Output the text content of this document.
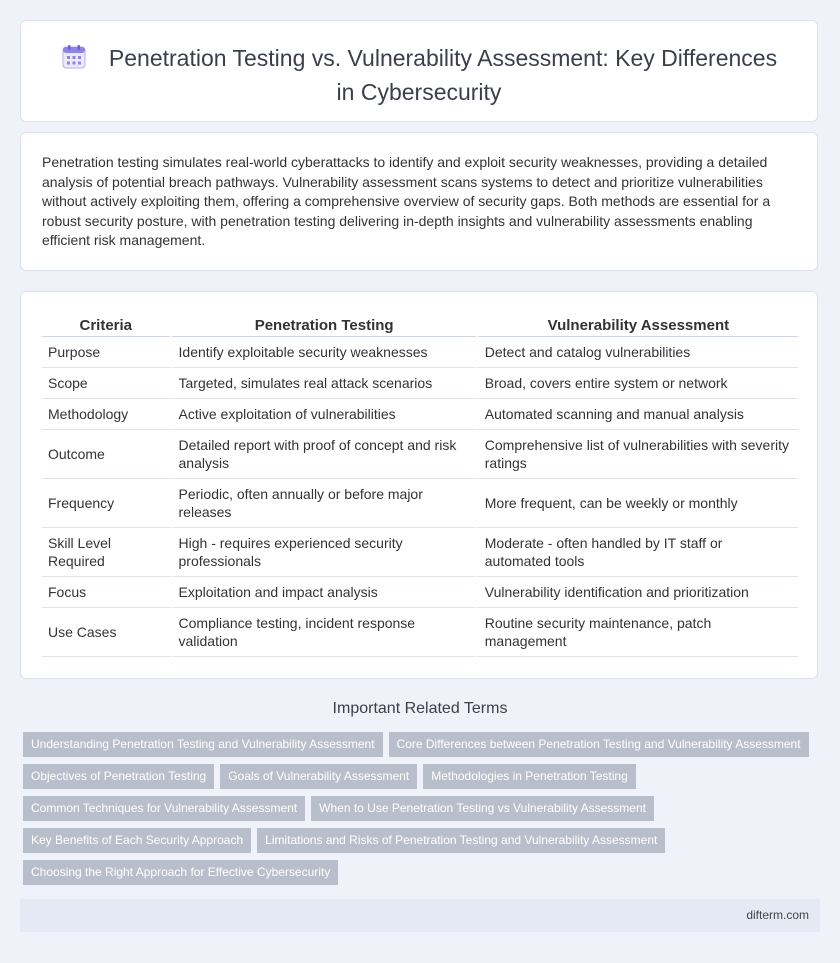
Penetration Testing vs. Vulnerability Assessment: Key Differences
in Cybersecurity
Penetration testing simulates real-world cyberattacks to identify and exploit security weaknesses, providing a detailed analysis of potential breach pathways. Vulnerability assessment scans systems to detect and prioritize vulnerabilities without actively exploiting them, offering a comprehensive overview of security gaps. Both methods are essential for a robust security posture, with penetration testing delivering in-depth insights and vulnerability assessments enabling efficient risk management.
Criteria	Penetration Testing	Vulnerability Assessment
Purpose	Identify exploitable security weaknesses	Detect and catalog vulnerabilities
Scope	Targeted, simulates real attack scenarios	Broad, covers entire system or network
Methodology	Active exploitation of vulnerabilities	Automated scanning and manual analysis
Outcome	Detailed report with proof of concept and risk analysis	Comprehensive list of vulnerabilities with severity ratings
Frequency	Periodic, often annually or before major releases	More frequent, can be weekly or monthly
Skill Level Required	High - requires experienced security professionals	Moderate - often handled by IT staff or automated tools
Focus	Exploitation and impact analysis	Vulnerability identification and prioritization
Use Cases	Compliance testing, incident response validation	Routine security maintenance, patch management
Important Related Terms
Understanding Penetration Testing and Vulnerability Assessment Core Differences between Penetration Testing and Vulnerability Assessment
Objectives of Penetration Testing Goals of Vulnerability Assessment Methodologies in Penetration Testing
Common Techniques for Vulnerability Assessment When to Use Penetration Testing vs Vulnerability Assessment
Key Benefits of Each Security Approach Limitations and Risks of Penetration Testing and Vulnerability Assessment
Choosing the Right Approach for Effective Cybersecurity
difterm.com
